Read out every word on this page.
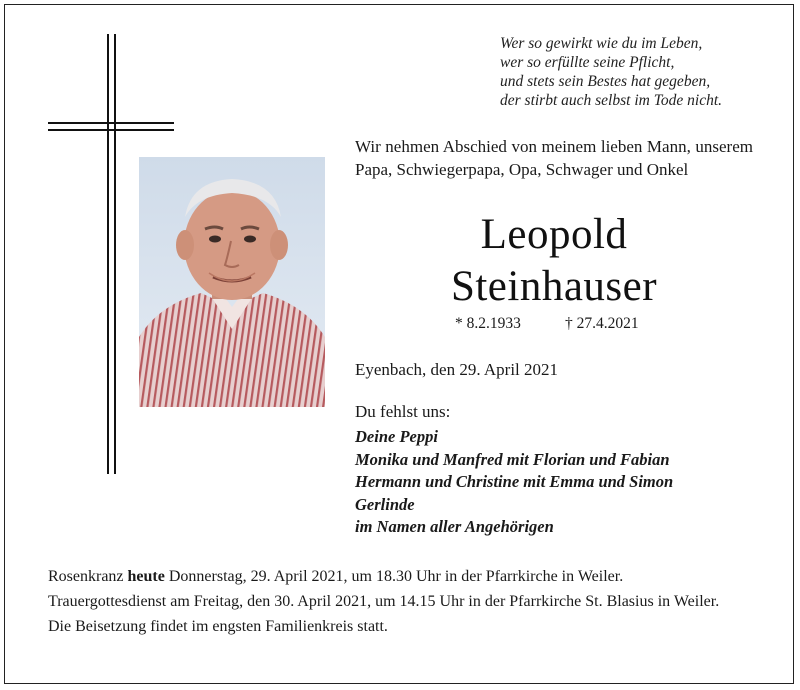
Wer so gewirkt wie du im Leben,
wer so erfüllte seine Pflicht,
und stets sein Bestes hat gegeben,
der stirbt auch selbst im Tode nicht.
Wir nehmen Abschied von meinem lieben Mann, unserem Papa, Schwiegerpapa, Opa, Schwager und Onkel
Leopold
Steinhauser
* 8.2.1933	† 27.4.2021
Eyenbach, den 29. April 2021
Du fehlst uns:
Deine Peppi
Monika und Manfred mit Florian und Fabian
Hermann und Christine mit Emma und Simon
Gerlinde
im Namen aller Angehörigen

Rosenkranz heute Donnerstag, 29. April 2021, um 18.30 Uhr in der Pfarrkirche in Weiler.

Trauergottesdienst am Freitag, den 30. April 2021, um 14.15 Uhr in der Pfarrkirche St. Blasius in Weiler.

Die Beisetzung findet im engsten Familienkreis statt.
